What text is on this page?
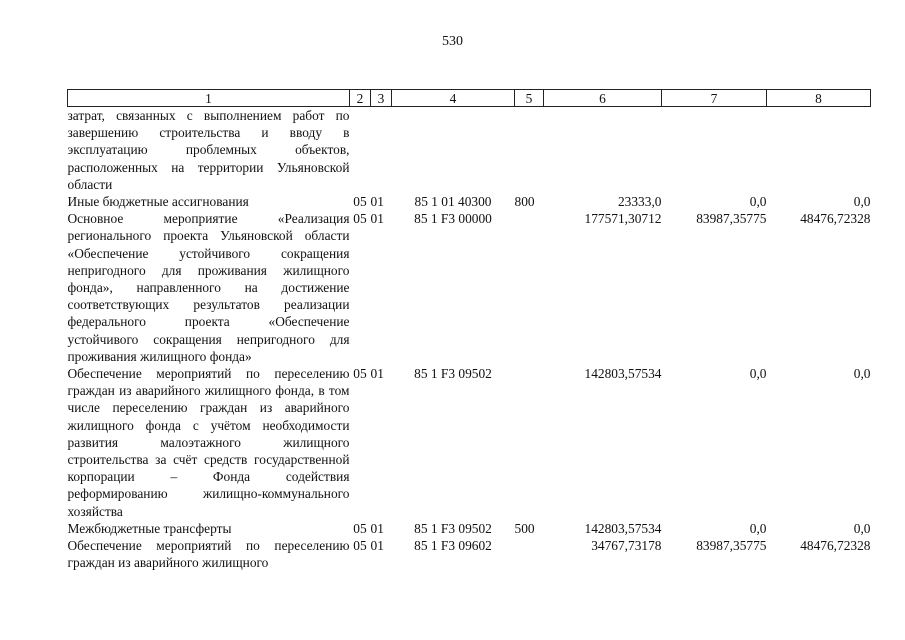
530
1	2	3	4	5	6	7	8
затрат, связанных с выполнением работ по завершению строительства и вводу в эксплуатацию проблемных объектов, расположенных на территории Ульяновской области							
Иные бюджетные ассигнования	05	01	85 1 01 40300	800	23333,0	0,0	0,0
Основное мероприятие «Реализация регионального проекта Ульяновской области «Обеспечение устойчивого сокращения непригодного для проживания жилищного фонда», направленного на достижение соответствующих результатов реализации федерального проекта «Обеспечение устойчивого сокращения непригодного для проживания жилищного фонда»	05	01	85 1 F3 00000		177571,30712	83987,35775	48476,72328
Обеспечение мероприятий по переселению граждан из аварийного жилищного фонда, в том числе переселению граждан из аварийного жилищного фонда с учётом необходимости развития малоэтажного жилищного строительства за счёт средств государственной корпорации – Фонда содействия реформированию жилищно-коммунального хозяйства	05	01	85 1 F3 09502		142803,57534	0,0	0,0
Межбюджетные трансферты	05	01	85 1 F3 09502	500	142803,57534	0,0	0,0
Обеспечение мероприятий по переселению граждан из аварийного жилищного	05	01	85 1 F3 09602		34767,73178	83987,35775	48476,72328
